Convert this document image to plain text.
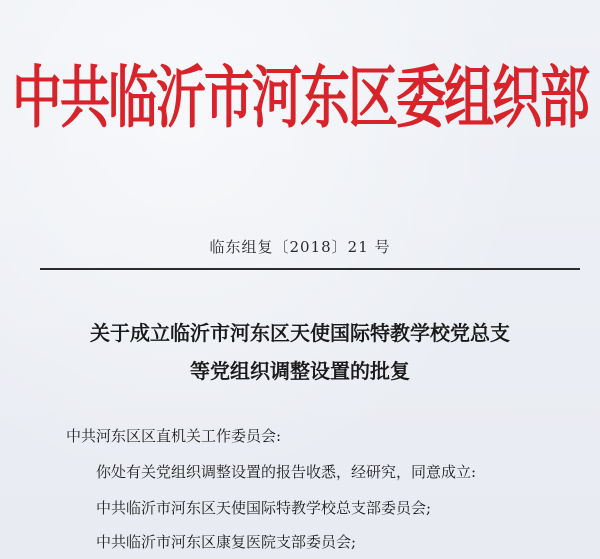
中共临沂市河东区委组织部
临东组复〔2018〕21 号
关于成立临沂市河东区天使国际特教学校党总支
等党组织调整设置的批复
中共河东区区直机关工作委员会:
你处有关党组织调整设置的报告收悉，经研究，同意成立:
中共临沂市河东区天使国际特教学校总支部委员会;
中共临沂市河东区康复医院支部委员会;
